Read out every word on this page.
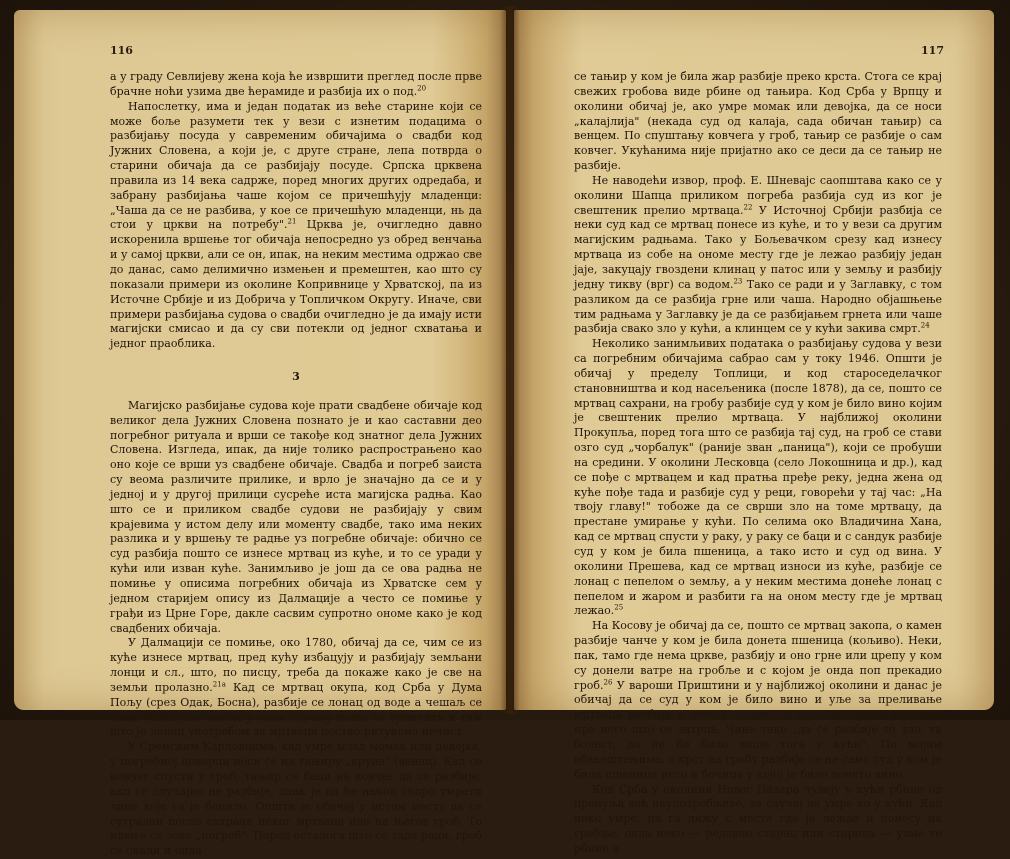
116

а у граду Севлијеву жена која ће извршити преглед после прве брачне ноћи узима две ћерамиде и разбија их о под.$^{20}$

Напослетку, има и један податак из веће старине који се може боље разумети тек у вези с изнетим подацима о разбијању посуда у савременим обичајима о свадби код Јужних Словена, а који је, с друге стране, лепа потврда о старини обичаја да се разбијају посуде. Српска црквена правила из 14 века садрже, поред многих других одредаба, и забрану разбијања чаше којом се причешћују младенци: „Чаша да се не разбива, у кое се причешћую младенци, нь да стои у цркви на потребу".$^{21}$ Црква је, очигледно давно искоренила вршење тог обичаја непосредно уз обред венчања и у самој цркви, али се он, ипак, на неким местима одржао све до данас, само делимично измењен и премештен, као што су показали примери из околине Копривнице у Хрватској, па из Источне Србије и из Добрича у Топличком Округу. Иначе, сви примери разбијања судова о свадби очигледно је да имају исти магијски смисао и да су сви потекли од једног схватања и једног праоблика.

3

Магијско разбијање судова које прати свадбене обичаје код великог дела Јужних Словена познато је и као саставни део погребног ритуала и врши се такође код знатног дела Јужних Словена. Изгледа, ипак, да није толико распрострањено као оно које се врши уз свадбене обичаје. Свадба и погреб заиста су веома различите прилике, и врло је значајно да се и у једној и у другој прилици сусреће иста магијска радња. Као што се и приликом свадбе судови не разбијају у свим крајевима у истом делу или моменту свадбе, тако има неких разлика и у вршењу те радње уз погребне обичаје: обично се суд разбија пошто се изнесе мртвац из куће, и то се уради у кући или изван куће. Занимљиво је још да се ова радња не помиње у описима погребних обичаја из Хрватске сем у једном старијем опису из Далмације а често се помиње у грађи из Црне Горе, дакле сасвим супротно ономе како је код свадбених обичаја.

У Далмацији се помиње, око 1780, обичај да се, чим се из куће изнесе мртвац, пред кућу избацују и разбијају земљани лонци и сл., што, по писцу, треба да покаже како је све на земљи пролазно.$^{21a}$ Кад се мртвац окупа, код Срба у Дума Пољу (срез Одак, Босна), разбије се лонац од воде а чешаљ се баца. Разбијање лонца у овом случају може се тумачити и тим што је лонац употребом за мртваца постао ритуално нечист.

У Сремским Карловцима, кад умре млад момак или девојка, у погребној поворци носи се на тањиру „круна" (венац). Кад се ковчег спусти у гроб, тањир се баци на ковчег да се разбије; ако се случајно не разбије, знак је да ће након скоро умрети лице које га је бацило. Општи је обичај у истом месту да се сутрадан после сахране неког мртваца иде на његов гроб. То идење се зове „погреб". Поред осталога што се тада ради, гроб се окади и онда

117

се тањир у ком је била жар разбије преко крста. Стога се крај свежих гробова виде рбине од тањира. Код Срба у Врпцу и околини обичај је, ако умре момак или девојка, да се носи „калајлија" (некада суд од калаја, сада обичан тањир) са венцем. По спуштању ковчега у гроб, тањир се разбије о сам ковчег. Укућанима није пријатно ако се деси да се тањир не разбије.

Не наводећи извор, проф. Е. Шневајс саопштава како се у околини Шапца приликом погреба разбија суд из ког је свештеник прелио мртваца.$^{22}$ У Источној Србији разбија се неки суд кад се мртвац понесе из куће, и то у вези са другим магијским радњама. Тако у Бољевачком срезу кад изнесу мртваца из собе на ономе месту где је лежао разбију један јаје, закуцају гвоздени клинац у патос или у земљу и разбију једну тикву (врг) са водом.$^{23}$ Тако се ради и у Заглавку, с том разликом да се разбија грне или чаша. Народно објашњење тим радњама у Заглавку је да се разбијањем грнета или чаше разбија свако зло у кући, а клинцем се у кући закива смрт.$^{24}$

Неколико занимљивих података о разбијању судова у вези са погребним обичајима сабрао сам у току 1946. Општи је обичај у пределу Топлици, и код староседелачког становништва и код насељеника (после 1878), да се, пошто се мртвац сахрани, на гробу разбије суд у ком је било вино којим је свештеник прелио мртваца. У најближој околини Прокупља, поред тога што се разбија тај суд, на гроб се стави озго суд „чорбалук" (раније зван „паница"), који се пробуши на средини. У околини Лесковца (село Локошница и др.), кад се пође с мртвацем и кад пратња пређе реку, једна жена од куће пође тада и разбије суд у реци, говорећи у тај час: „На твоју главу!" тобоже да се сврши зло на томе мртвацу, да престане умирање у кући. По селима око Владичина Хана, кад се мртвац спусти у раку, у раку се баци и с сандук разбије суд у ком је била пшеница, а тако исто и суд од вина. У околини Прешева, кад се мртвац износи из куће, разбије се лонац с пепелом о земљу, а у неким местима донеће лонац с пепелом и жаром и разбити га на оном месту где је мртвац лежао.$^{25}$

На Косову је обичај да се, пошто се мртвац закопа, о камен разбије чанче у ком је била донета пшеница (кољиво). Неки, пак, тамо где нема цркве, разбију и оно грне или црепу у ком су донели ватре на гробље и с којом је онда поп прекадио гроб.$^{26}$ У вароши Приштини и у најближој околини и данас је обичај да се суд у ком је било вино и уље за преливање мртваца разбије о земљу, пошто се мртвац спусти у раку а пре него што се затрпа. Чине тако „да се разбије то зло, та болест, да не би било више тога у кући". По мојим обавештењима, о крст на гробу разбије се не само суд у ком је била пшеница него и бочица у којој је било донето вино.

Код Срба у околини Новог Пазара чувају у кући рбине од црепуља већ неупотребљиве, за случај да умре ко у кући. Кад неко умре, па га дижу с места где је лежао и понесу на гробље, онда неко — редовно старац или старица — узме те рбине и
